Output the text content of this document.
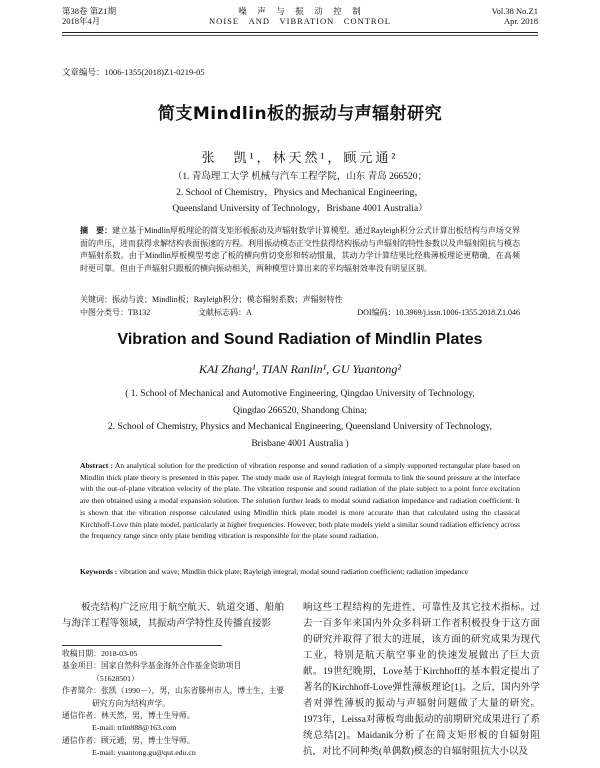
第38卷 第Z1期
2018年4月
噪　声　与　振　动　控　制
NOISE　AND　VIBRATION　CONTROL
Vol.38 No.Z1
Apr. 2018
文章编号：1006-1355(2018)Z1-0219-05
简支Mindlin板的振动与声辐射研究
张　凯¹，林天然¹，顾元通²
（1. 青岛理工大学 机械与汽车工程学院，山东 青岛 266520；
2. School of Chemistry，Physics and Mechanical Engineering，
Queensland University of Technology，Brisbane 4001 Australia）
摘　要：建立基于Mindlin厚板理论的简支矩形板振动及声辐射数学计算模型。通过Rayleigh积分公式计算出板结构与声场交界面的声压，进而获得求解结构表面振速的方程。利用振动模态正交性获得结构振动与声辐射的特性参数以及声辐射阻抗与模态声辐射系数。由于Mindlin厚板模型考虑了板的横向剪切变形和转动惯量，其动力学计算结果比经典薄板理论更精确，在高频时更可靠。但由于声辐射只跟板的横向振动相关，两种模型计算出来的平均辐射效率没有明显区别。
关键词：振动与波；Mindlin板；Rayleigh积分；模态辐射系数；声辐射特性
中图分类号：TB132	文献标志码：A	DOI编码：10.3969/j.issn.1006-1355.2018.Z1.046
Vibration and Sound Radiation of Mindlin Plates
KAI Zhang¹, TIAN Ranlin¹, GU Yuantong²
( 1. School of Mechanical and Automotive Engineering, Qingdao University of Technology,
Qingdao 266520, Shandong China;
2. School of Chemistry, Physics and Mechanical Engineering, Queensland University of Technology,
Brisbane 4001 Australia )
Abstract : An analytical solution for the prediction of vibration response and sound radiation of a simply supported rectangular plate based on Mindlin thick plate theory is presented in this paper. The study made use of Rayleigh integral formula to link the sound pressure at the interface with the out-of-plane vibration velocity of the plate. The vibration response and sound radiation of the plate subject to a point force excitation are then obtained using a modal expansion solution. The solution further leads to modal sound radiation impedance and radiation coefficient. It is shown that the vibration response calculated using Mindlin thick plate model is more accurate than that calculated using the classical Kirchhoff-Love thin plate model, particularly at higher frequencies. However, both plate models yield a similar sound radiation efficiency across the frequency range since only plate bending vibration is responsible for the plate sound radiation.
Keywords : vibration and wave; Mindlin thick plate; Rayleigh integral; modal sound radiation coefficient; radiation impedance
板壳结构广泛应用于航空航天、轨道交通、船舶与海洋工程等领域，其振动声学特性及传播直接影
响这些工程结构的先进性、可靠性及其它技术指标。过去一百多年来国内外众多科研工作者积极投身于这方面的研究并取得了很大的进展，该方面的研究成果为现代工业，特别是航天航空事业的快速发展做出了巨大贡献。19世纪晚期，Love基于Kirchhoff的基本假定提出了著名的Kirchhoff-Love弹性薄板理论[1]。之后，国内外学者对弹性薄板的振动与声辐射问题做了大量的研究。1973年，Leissa对薄板弯曲振动的前期研究成果进行了系统总结[2]。Maidanik分析了在简支矩形板的自辐射阻抗，对比不同种类(单偶数)模态的自辐射阻抗大小以及
收稿日期：2018-03-05
基金项目：国家自然科学基金海外合作基金资助项目
（51628501）
作者简介：张凯（1990－），男，山东省滕州市人，博士生，主要
研究方向为结构声学。
通信作者：林天然，男，博士生导师。
E-mail: trlin888@163.com
通信作者：顾元通，男，博士生导师。
E-mail: yuantong.gu@qut.edu.cn
